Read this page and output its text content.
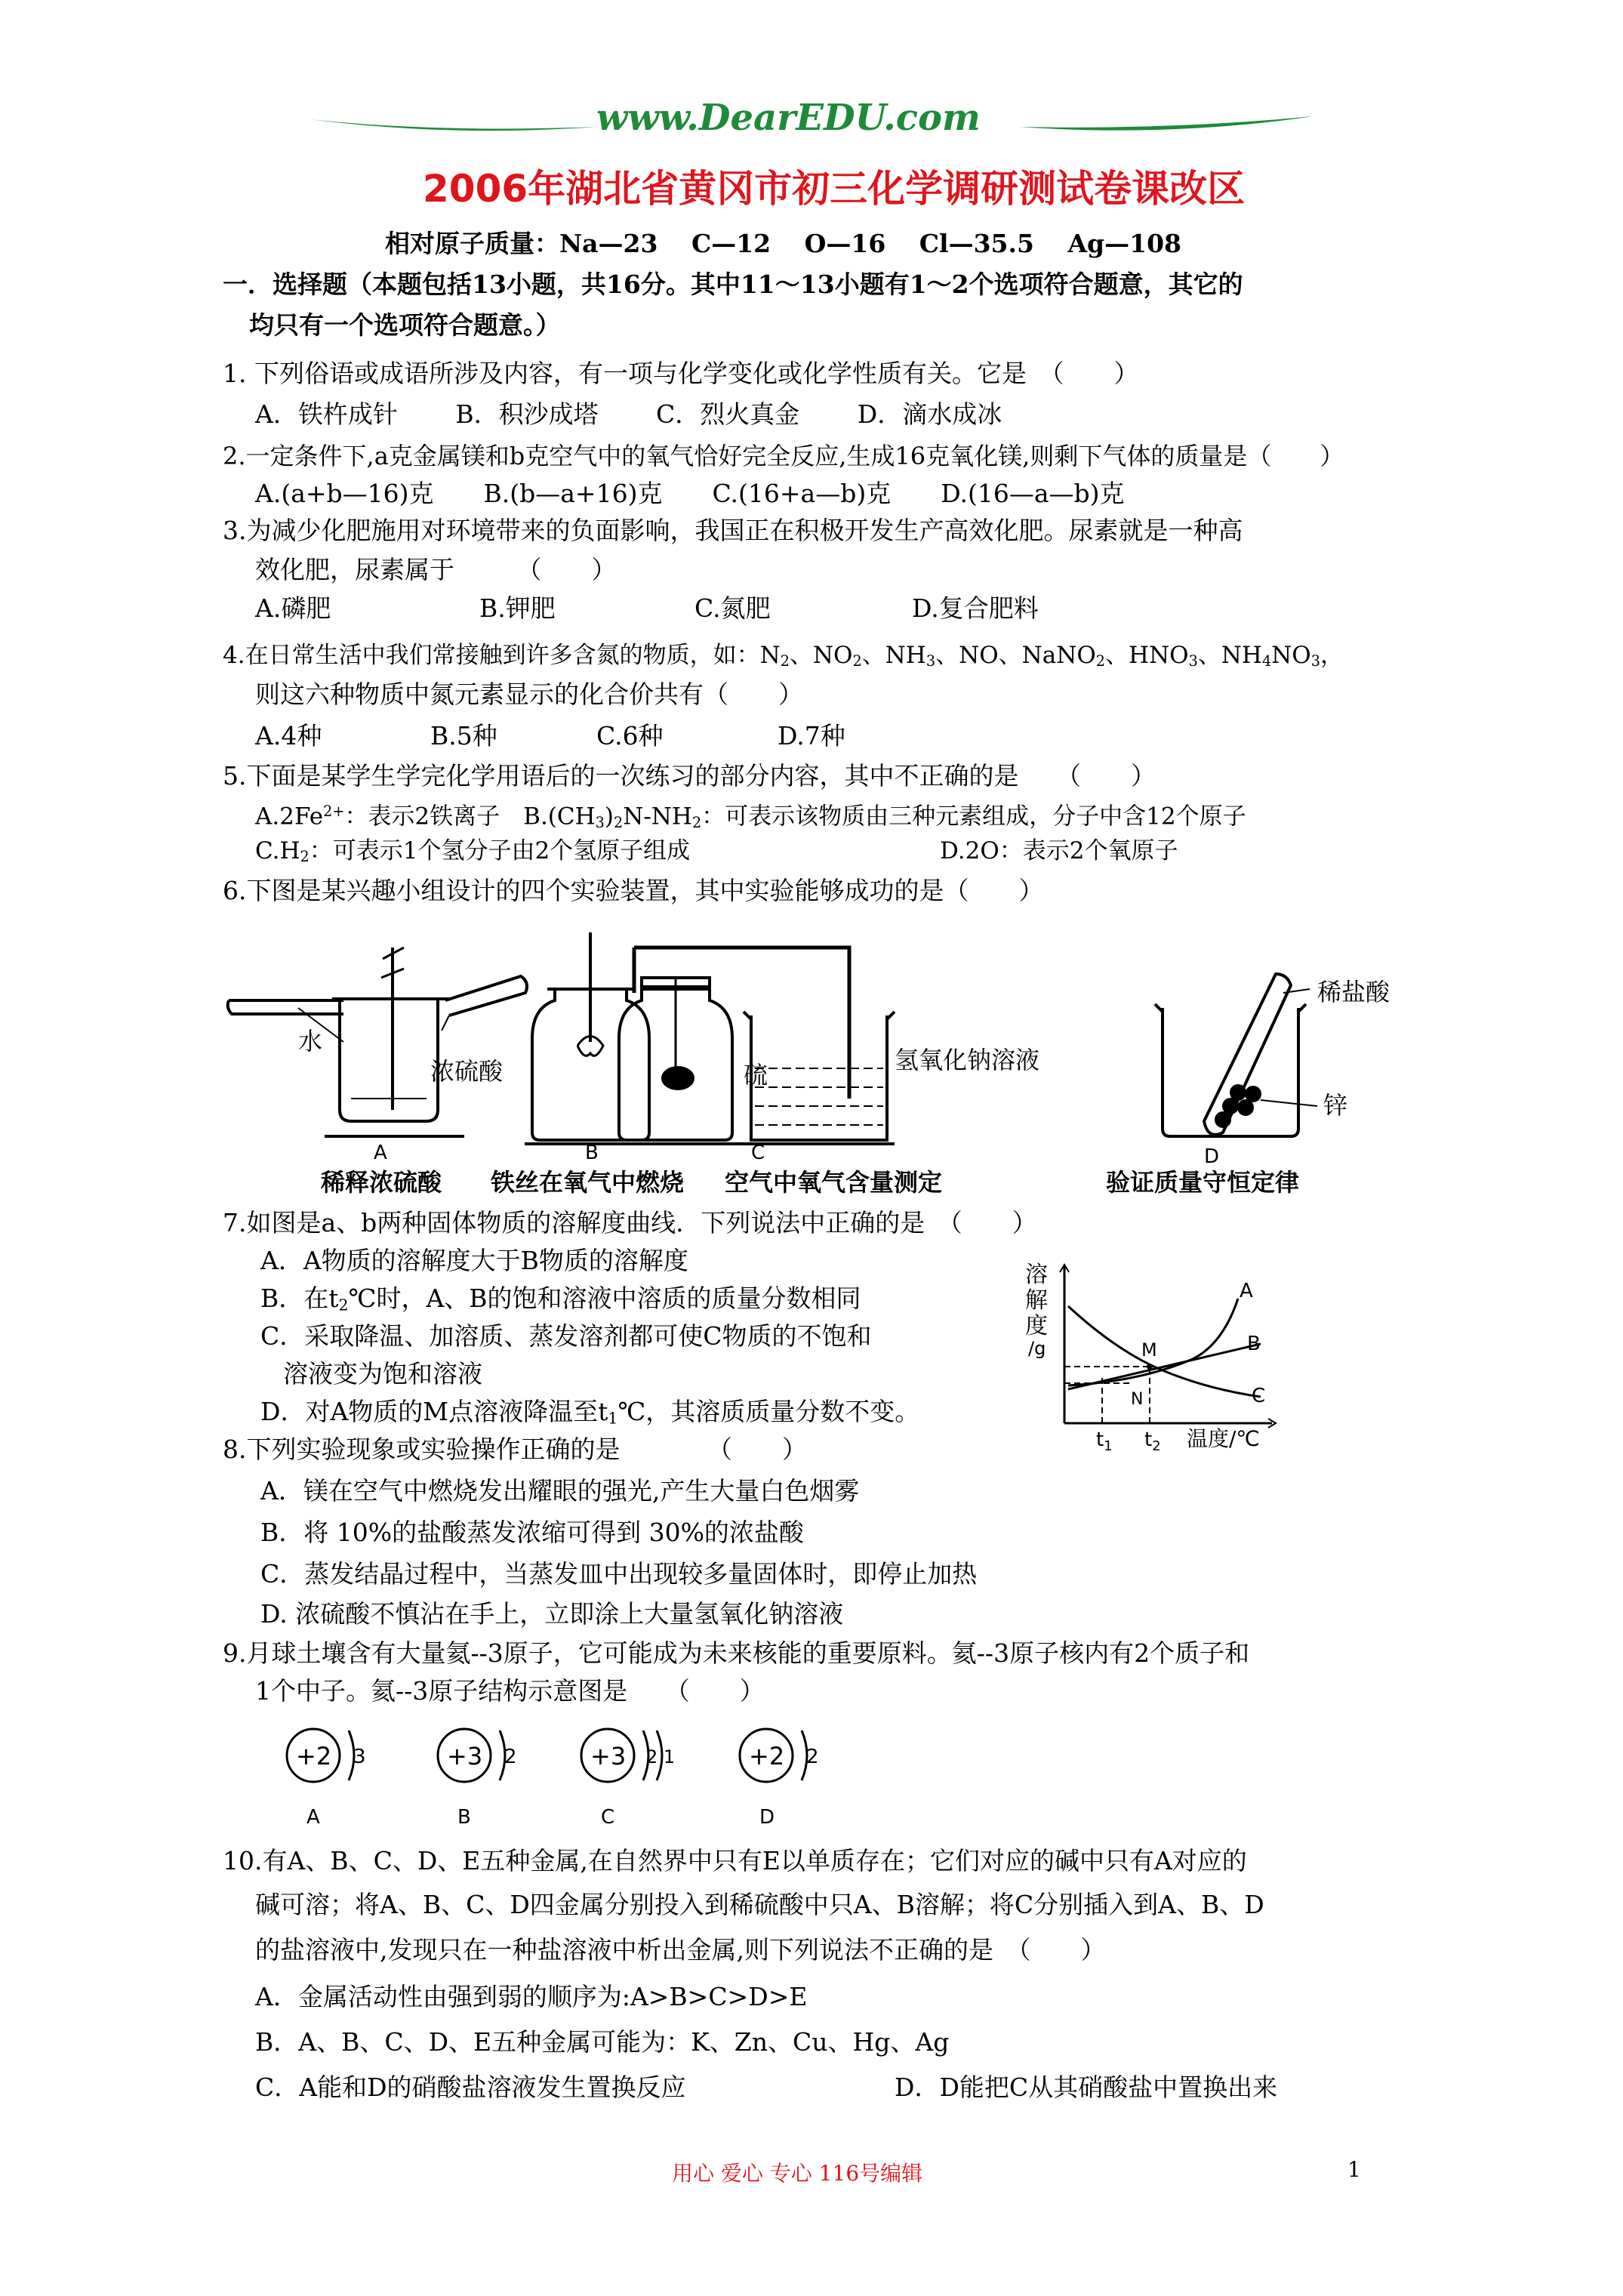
www.DearEDU.com
2006年湖北省黄冈市初三化学调研测试卷课改区
相对原子质量：Na—23　 C—12　 O—16　 Cl—35.5　 Ag—108
一．选择题（本题包括13小题，共16分。其中11～13小题有1～2个选项符合题意，其它的
均只有一个选项符合题意。）
1. 下列俗语或成语所涉及内容，有一项与化学变化或化学性质有关。它是　（　　）
A．铁杵成针　　 B．积沙成塔　　 C．烈火真金　　 D．滴水成冰
2.一定条件下,a克金属镁和b克空气中的氧气恰好完全反应,生成16克氧化镁,则剩下气体的质量是（　　）
A.(a+b—16)克　　B.(b—a+16)克　　C.(16+a—b)克　　D.(16—a—b)克
3.为减少化肥施用对环境带来的负面影响，我国正在积极开发生产高效化肥。尿素就是一种高
效化肥，尿素属于　　　（　　）
A.磷肥	B.钾肥	C.氮肥	D.复合肥料
4.在日常生活中我们常接触到许多含氮的物质，如：$N_2$、$NO_2$、$NH_3$、NO、NaNO$_2$、$HNO_3$、$NH_4NO_3$，
则这六种物质中氮元素显示的化合价共有（　　）
A.4种	B.5种	C.6种	D.7种
5.下面是某学生学完化学用语后的一次练习的部分内容，其中不正确的是　　（　　）
$A.2Fe^{2+}$：表示2铁离子　$B.(CH_3)_2N-NH_2$：可表示该物质由三种元素组成，分子中含12个原子
$C.H_2$：可表示1个氢分子由2个氢原子组成	D.2O：表示2个氧原子
6.下图是某兴趣小组设计的四个实验装置，其中实验能够成功的是（　　）
水
浓硫酸	硫
氢氧化钠溶液
稀盐酸
锌
A	B	C	D
稀释浓硫酸 铁丝在氧气中燃烧 空气中氧气含量测定	验证质量守恒定律
7.如图是a、b两种固体物质的溶解度曲线．下列说法中正确的是　（　　）
A．A物质的溶解度大于B物质的溶解度
B．在$t_2℃$时，A、B的饱和溶液中溶质的质量分数相同
C．采取降温、加溶质、蒸发溶剂都可使C物质的不饱和
溶液变为饱和溶液
D．对A物质的M点溶液降温至$t_1℃$，其溶质质量分数不变。
溶
解
度
/g
A
B
C
M
N
$t_1$ $t_2$ 温度/℃
8.下列实验现象或实验操作正确的是　　　　（　　）
A．镁在空气中燃烧发出耀眼的强光,产生大量白色烟雾
B．将 10%的盐酸蒸发浓缩可得到 30%的浓盐酸
C．蒸发结晶过程中，当蒸发皿中出现较多量固体时，即停止加热
D. 浓硫酸不慎沾在手上，立即涂上大量氢氧化钠溶液
9.月球土壤含有大量氦--3原子，它可能成为未来核能的重要原料。氦--3原子核内有2个质子和
1个中子。氦--3原子结构示意图是　　（　　）
+2 3
A
+3 2
B
+3 2 1
C
+2 2
D
10.有A、B、C、D、E五种金属,在自然界中只有E以单质存在；它们对应的碱中只有A对应的
碱可溶；将A、B、C、D四金属分别投入到稀硫酸中只A、B溶解；将C分别插入到A、B、D
的盐溶液中,发现只在一种盐溶液中析出金属,则下列说法不正确的是　（　　）
A．金属活动性由强到弱的顺序为:A>B>C>D>E
B．A、B、C、D、E五种金属可能为：K、Zn、Cu、Hg、Ag
C．A能和D的硝酸盐溶液发生置换反应	D．D能把C从其硝酸盐中置换出来
用心 爱心 专心 116号编辑	1
